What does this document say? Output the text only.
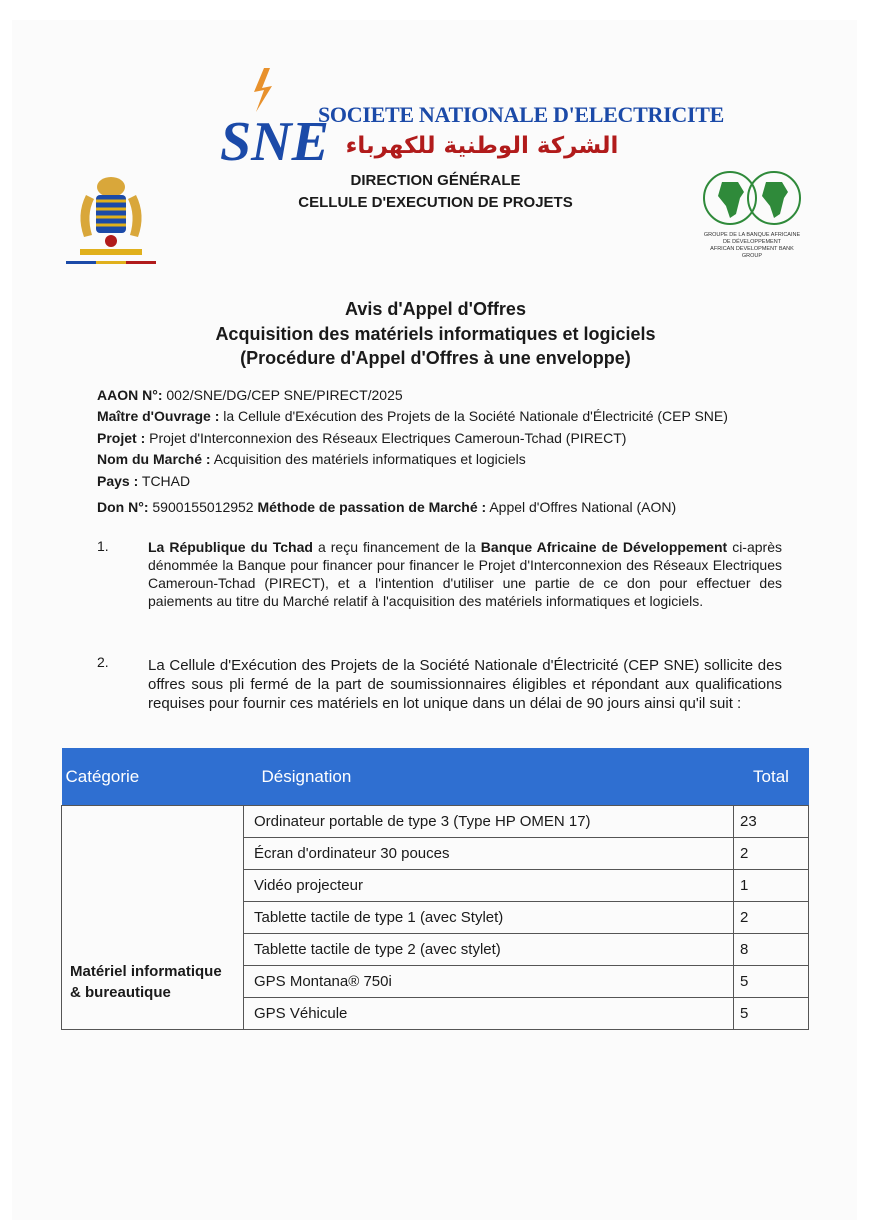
SNE
SOCIETE NATIONALE D'ELECTRICITE
الشركة الوطنية للكهرباء
DIRECTION GÉNÉRALE
CELLULE D'EXECUTION DE PROJETS
GROUPE DE LA BANQUE AFRICAINE
DE DÉVELOPPEMENT
AFRICAN DEVELOPMENT BANK GROUP
Avis d'Appel d'Offres
Acquisition des matériels informatiques et logiciels
(Procédure d'Appel d'Offres à une enveloppe)
AAON N°: 002/SNE/DG/CEP SNE/PIRECT/2025
Maître d'Ouvrage : la Cellule d'Exécution des Projets de la Société Nationale d'Électricité (CEP SNE)
Projet : Projet d'Interconnexion des Réseaux Electriques Cameroun-Tchad (PIRECT)
Nom du Marché : Acquisition des matériels informatiques et logiciels
Pays : TCHAD
Don N°: 5900155012952 Méthode de passation de Marché : Appel d'Offres National (AON)
1.	La République du Tchad a reçu financement de la Banque Africaine de Développement ci-après dénommée la Banque pour financer pour financer le Projet d'Interconnexion des Réseaux Electriques Cameroun-Tchad (PIRECT), et a l'intention d'utiliser une partie de ce don pour effectuer des paiements au titre du Marché relatif à l'acquisition des matériels informatiques et logiciels.
2.	La Cellule d'Exécution des Projets de la Société Nationale d'Électricité (CEP SNE) sollicite des offres sous pli fermé de la part de soumissionnaires éligibles et répondant aux qualifications requises pour fournir ces matériels en lot unique dans un délai de 90 jours ainsi qu'il suit :
Catégorie	Désignation	Total
Matériel informatique & bureautique	Ordinateur portable de type 3 (Type HP OMEN 17)	23
	Écran d'ordinateur 30 pouces	2
	Vidéo projecteur	1
	Tablette tactile de type 1 (avec Stylet)	2
	Tablette tactile de type 2 (avec stylet)	8
	GPS Montana® 750i	5
	GPS Véhicule	5
